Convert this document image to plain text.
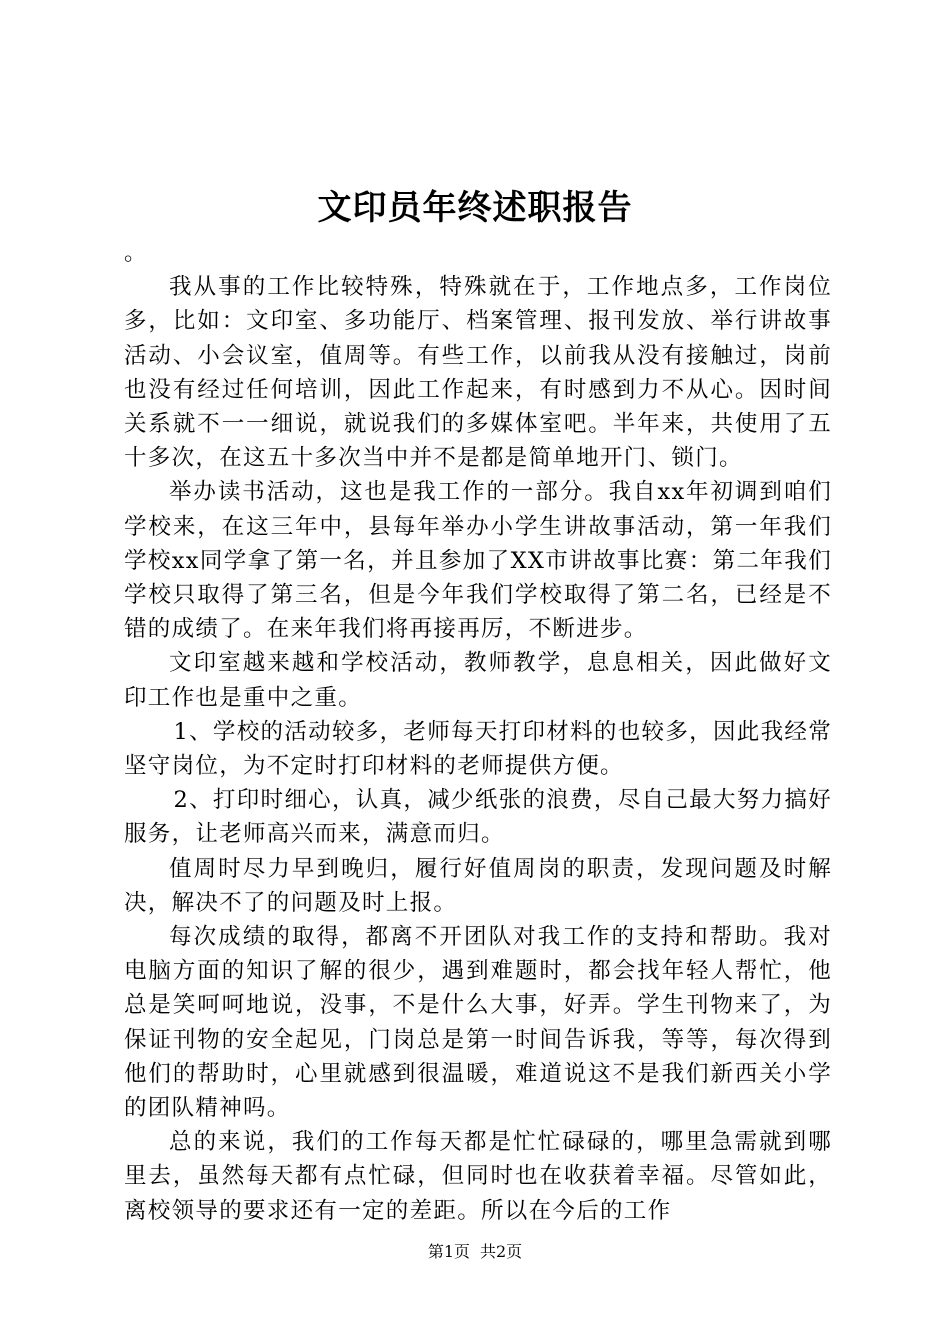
文印员年终述职报告

。

我从事的工作比较特殊，特殊就在于，工作地点多，工作岗位多，比如：文印室、多功能厅、档案管理、报刊发放、举行讲故事活动、小会议室，值周等。有些工作，以前我从没有接触过，岗前也没有经过任何培训，因此工作起来，有时感到力不从心。因时间关系就不一一细说，就说我们的多媒体室吧。半年来，共使用了五十多次，在这五十多次当中并不是都是简单地开门、锁门。

举办读书活动，这也是我工作的一部分。我自xx年初调到咱们学校来，在这三年中，县每年举办小学生讲故事活动，第一年我们学校xx同学拿了第一名，并且参加了XX市讲故事比赛：第二年我们学校只取得了第三名，但是今年我们学校取得了第二名，已经是不错的成绩了。在来年我们将再接再厉，不断进步。

文印室越来越和学校活动，教师教学，息息相关，因此做好文印工作也是重中之重。

1、学校的活动较多，老师每天打印材料的也较多，因此我经常坚守岗位，为不定时打印材料的老师提供方便。

2、打印时细心，认真，减少纸张的浪费，尽自己最大努力搞好服务，让老师高兴而来，满意而归。

值周时尽力早到晚归，履行好值周岗的职责，发现问题及时解决，解决不了的问题及时上报。

每次成绩的取得，都离不开团队对我工作的支持和帮助。我对电脑方面的知识了解的很少，遇到难题时，都会找年轻人帮忙，他总是笑呵呵地说，没事，不是什么大事，好弄。学生刊物来了，为保证刊物的安全起见，门岗总是第一时间告诉我，等等，每次得到他们的帮助时，心里就感到很温暖，难道说这不是我们新西关小学的团队精神吗。

总的来说，我们的工作每天都是忙忙碌碌的，哪里急需就到哪里去，虽然每天都有点忙碌，但同时也在收获着幸福。尽管如此，离校领导的要求还有一定的差距。所以在今后的工作

第1页 共2页
